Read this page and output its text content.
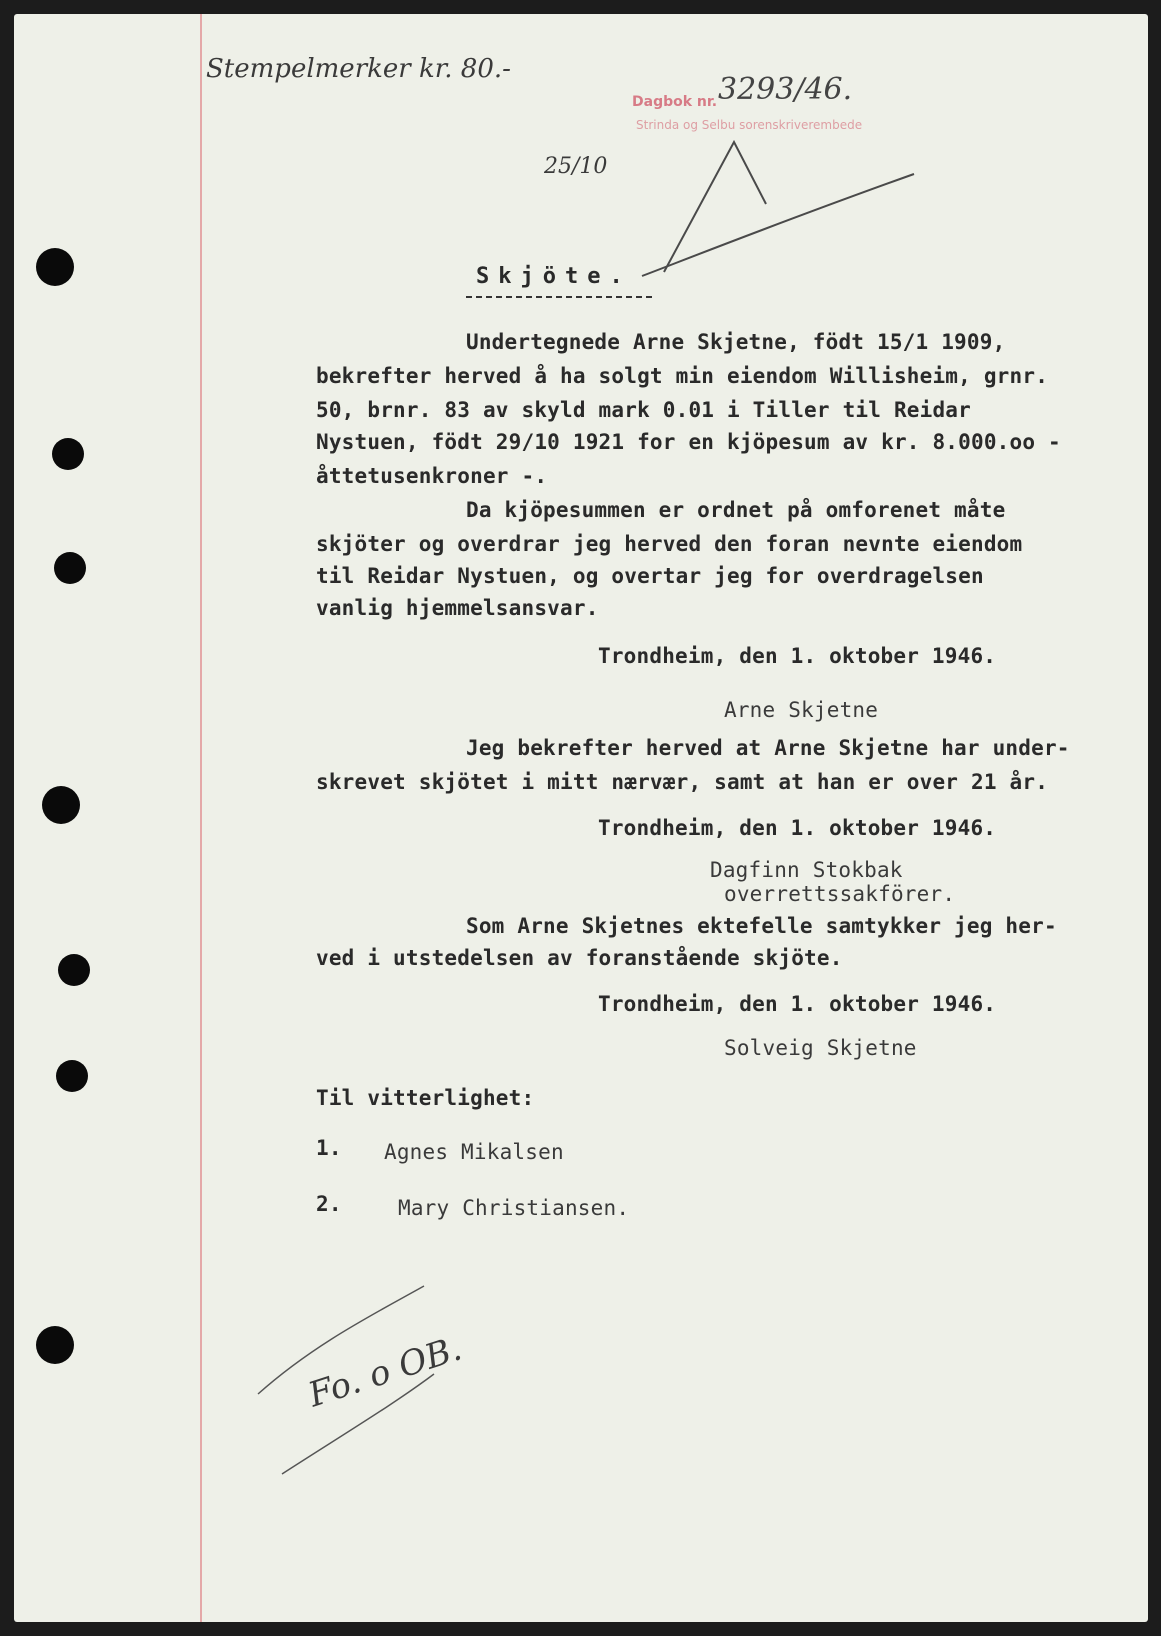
Stempelmerker kr. 80.-
Dagbok nr. 3293/46.
Strinda og Selbu sorenskriverembede
25/10
Fo. o OB.
Skjöte.
Undertegnede Arne Skjetne, födt 15/1 1909,
bekrefter herved å ha solgt min eiendom Willisheim, grnr.
50, brnr. 83 av skyld mark 0.01 i Tiller til Reidar
Nystuen, födt 29/10 1921 for en kjöpesum av kr. 8.000.oo -
åttetusenkroner -.
Da kjöpesummen er ordnet på omforenet måte
skjöter og overdrar jeg herved den foran nevnte eiendom
til Reidar Nystuen, og overtar jeg for overdragelsen
vanlig hjemmelsansvar.
Trondheim, den 1. oktober 1946.
Arne Skjetne
Jeg bekrefter herved at Arne Skjetne har under-
skrevet skjötet i mitt nærvær, samt at han er over 21 år.
Trondheim, den 1. oktober 1946.
Dagfinn Stokbak
overrettssakförer.
Som Arne Skjetnes ektefelle samtykker jeg her-
ved i utstedelsen av foranstående skjöte.
Trondheim, den 1. oktober 1946.
Solveig Skjetne
Til vitterlighet:
1. Agnes Mikalsen
2.	Mary Christiansen.
